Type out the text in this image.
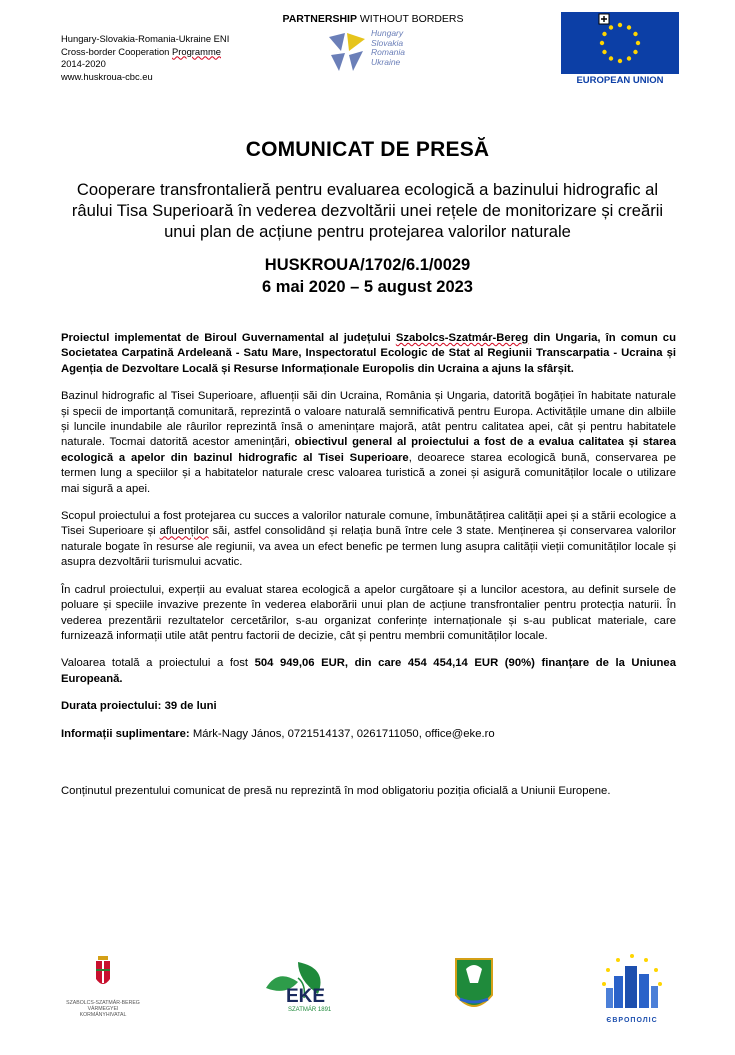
Hungary-Slovakia-Romania-Ukraine ENI
Cross-border Cooperation Programme
2014-2020
www.huskroua-cbc.eu
PARTNERSHIP WITHOUT BORDERS
Hungary
Slovakia
Romania
Ukraine
EUROPEAN UNION
COMUNICAT DE PRESĂ
Cooperare transfrontalieră pentru evaluarea ecologică a bazinului hidrografic al râului Tisa Superioară în vederea dezvoltării unei rețele de monitorizare și creării unui plan de acțiune pentru protejarea valorilor naturale
HUSKROUA/1702/6.1/0029
6 mai 2020 – 5 august 2023

Proiectul implementat de Biroul Guvernamental al județului Szabolcs-Szatmár-Bereg din Ungaria, în comun cu Societatea Carpatină Ardeleană - Satu Mare, Inspectoratul Ecologic de Stat al Regiunii Transcarpatia - Ucraina și Agenția de Dezvoltare Locală și Resurse Informaționale Europolis din Ucraina a ajuns la sfârșit.

Bazinul hidrografic al Tisei Superioare, afluenții săi din Ucraina, România și Ungaria, datorită bogăției în habitate naturale și specii de importanță comunitară, reprezintă o valoare naturală semnificativă pentru Europa. Activitățile umane din albiile și luncile inundabile ale râurilor reprezintă însă o amenințare majoră, atât pentru calitatea apei, cât și pentru habitatele naturale. Tocmai datorită acestor amenințări, obiectivul general al proiectului a fost de a evalua calitatea și starea ecologică a apelor din bazinul hidrografic al Tisei Superioare, deoarece starea ecologică bună, conservarea pe termen lung a speciilor și a habitatelor naturale cresc valoarea turistică a zonei și asigură comunităților locale o utilizare mai sigură a apei.

Scopul proiectului a fost protejarea cu succes a valorilor naturale comune, îmbunătățirea calității apei și a stării ecologice a Tisei Superioare și afluenților săi, astfel consolidând și relația bună între cele 3 state. Menținerea și conservarea valorilor naturale bogate în resurse ale regiunii, va avea un efect benefic pe termen lung asupra calității vieții comunităților locale și asupra dezvoltării turismului acvatic.

În cadrul proiectului, experții au evaluat starea ecologică a apelor curgătoare și a luncilor acestora, au definit sursele de poluare și speciile invazive prezente în vederea elaborării unui plan de acțiune transfrontalier pentru protecția naturii. În vederea prezentării rezultatelor cercetărilor, s-au organizat conferințe internaționale și s-au publicat materiale, care furnizează informații utile atât pentru factorii de decizie, cât și pentru membrii comunităților locale.

Valoarea totală a proiectului a fost 504 949,06 EUR, din care 454 454,14 EUR (90%) finanțare de la Uniunea Europeană.

Durata proiectului: 39 de luni

Informații suplimentare: Márk-Nagy János, 0721514137, 0261711050, office@eke.ro

Conținutul prezentului comunicat de presă nu reprezintă în mod obligatoriu poziția oficială a Uniunii Europene.

SZABOLCS-SZATMÁR-BEREG
VÁRMEGYEI
KORMÁNYHIVATAL
EKE
SZATMÁR 1891
ЄВРОПОЛІС
